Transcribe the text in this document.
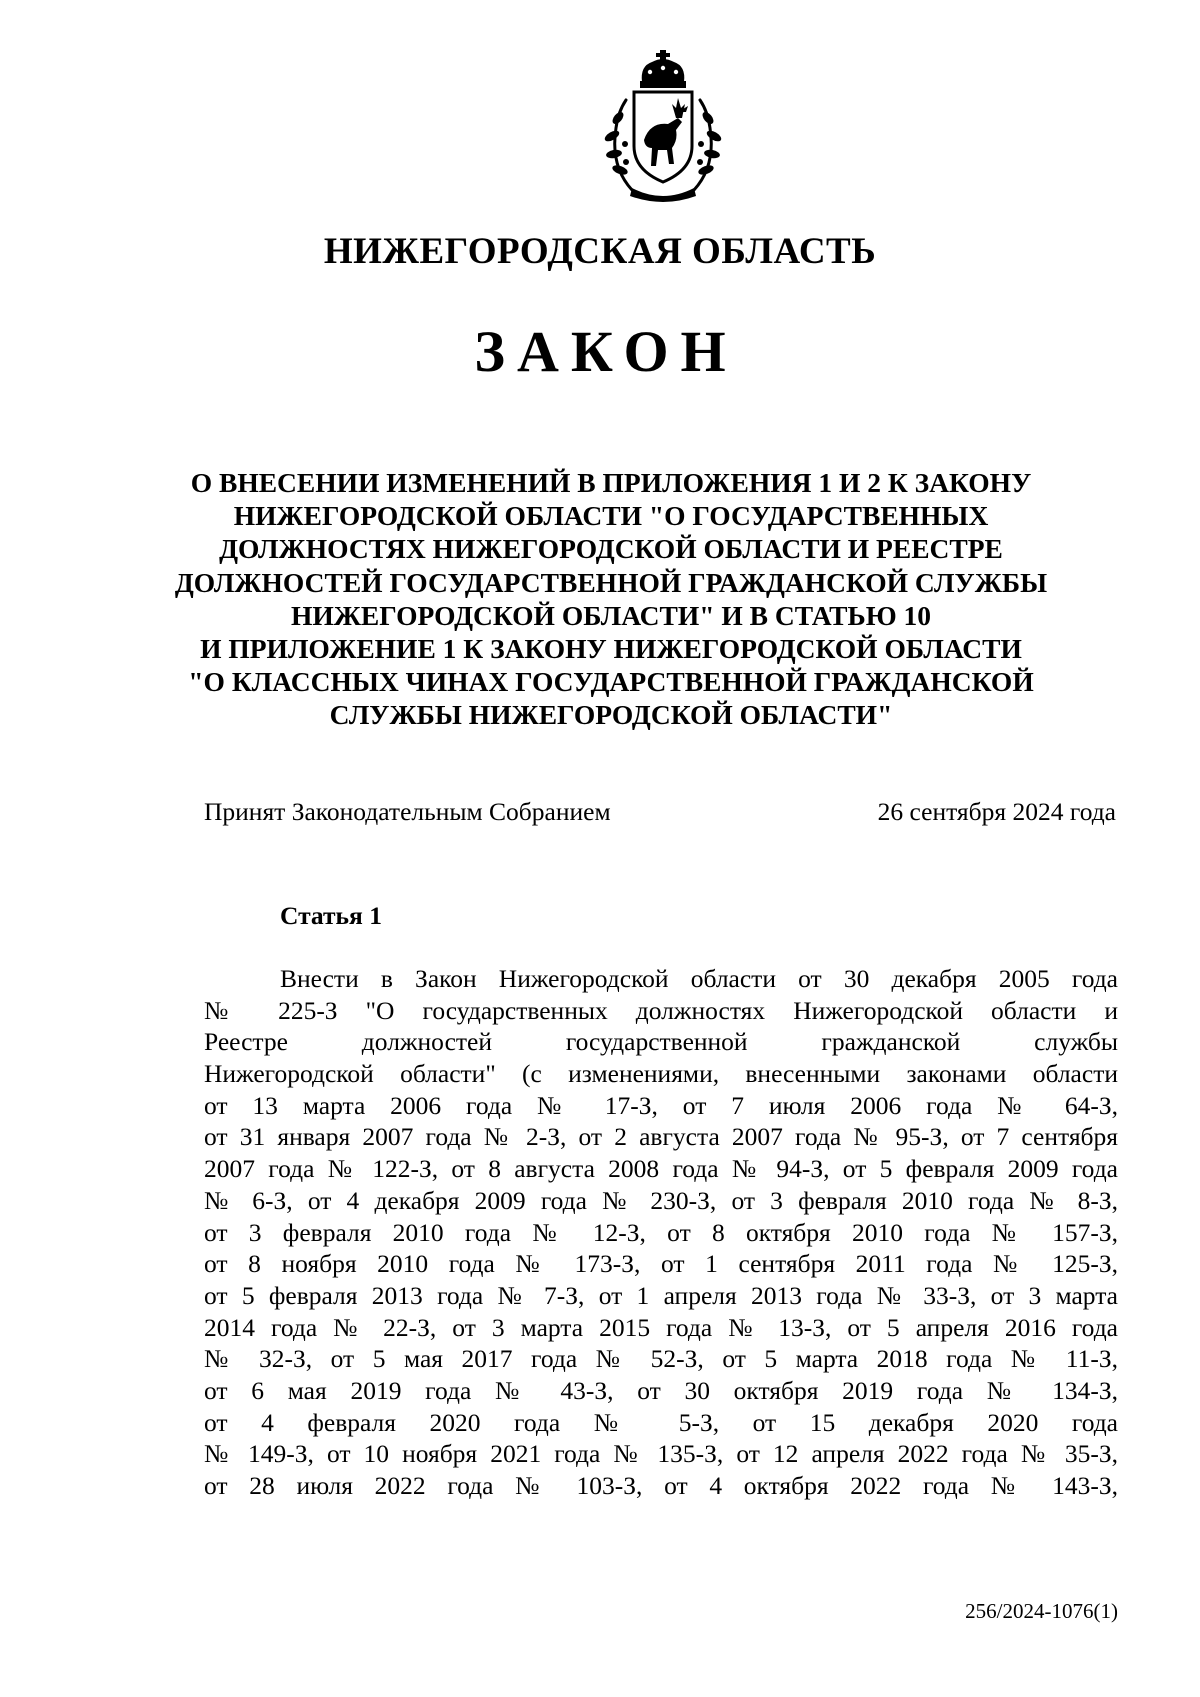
НИЖЕГОРОДСКАЯ ОБЛАСТЬ
ЗАКОН
О ВНЕСЕНИИ ИЗМЕНЕНИЙ В ПРИЛОЖЕНИЯ 1 И 2 К ЗАКОНУ
НИЖЕГОРОДСКОЙ ОБЛАСТИ "О ГОСУДАРСТВЕННЫХ
ДОЛЖНОСТЯХ НИЖЕГОРОДСКОЙ ОБЛАСТИ И РЕЕСТРЕ
ДОЛЖНОСТЕЙ ГОСУДАРСТВЕННОЙ ГРАЖДАНСКОЙ СЛУЖБЫ
НИЖЕГОРОДСКОЙ ОБЛАСТИ" И В СТАТЬЮ 10
И ПРИЛОЖЕНИЕ 1 К ЗАКОНУ НИЖЕГОРОДСКОЙ ОБЛАСТИ
"О КЛАССНЫХ ЧИНАХ ГОСУДАРСТВЕННОЙ ГРАЖДАНСКОЙ
СЛУЖБЫ НИЖЕГОРОДСКОЙ ОБЛАСТИ"
Принят Законодательным Собранием	26 сентября 2024 года
Статья 1
Внести в Закон Нижегородской области от 30 декабря 2005 года
№ 225-З "О государственных должностях Нижегородской области и
Реестре должностей государственной гражданской службы
Нижегородской области" (с изменениями, внесенными законами области
от 13 марта 2006 года № 17-З, от 7 июля 2006 года № 64-З,
от 31 января 2007 года № 2-З, от 2 августа 2007 года № 95-З, от 7 сентября
2007 года № 122-З, от 8 августа 2008 года № 94-З, от 5 февраля 2009 года
№ 6-З, от 4 декабря 2009 года № 230-З, от 3 февраля 2010 года № 8-З,
от 3 февраля 2010 года № 12-З, от 8 октября 2010 года № 157-З,
от 8 ноября 2010 года № 173-З, от 1 сентября 2011 года № 125-З,
от 5 февраля 2013 года № 7-З, от 1 апреля 2013 года № 33-З, от 3 марта
2014 года № 22-З, от 3 марта 2015 года № 13-З, от 5 апреля 2016 года
№ 32-З, от 5 мая 2017 года № 52-З, от 5 марта 2018 года № 11-З,
от 6 мая 2019 года № 43-З, от 30 октября 2019 года № 134-З,
от 4 февраля 2020 года № 5-З, от 15 декабря 2020 года
№ 149-З, от 10 ноября 2021 года № 135-З, от 12 апреля 2022 года № 35-З,
от 28 июля 2022 года № 103-З, от 4 октября 2022 года № 143-З,
256/2024-1076(1)
